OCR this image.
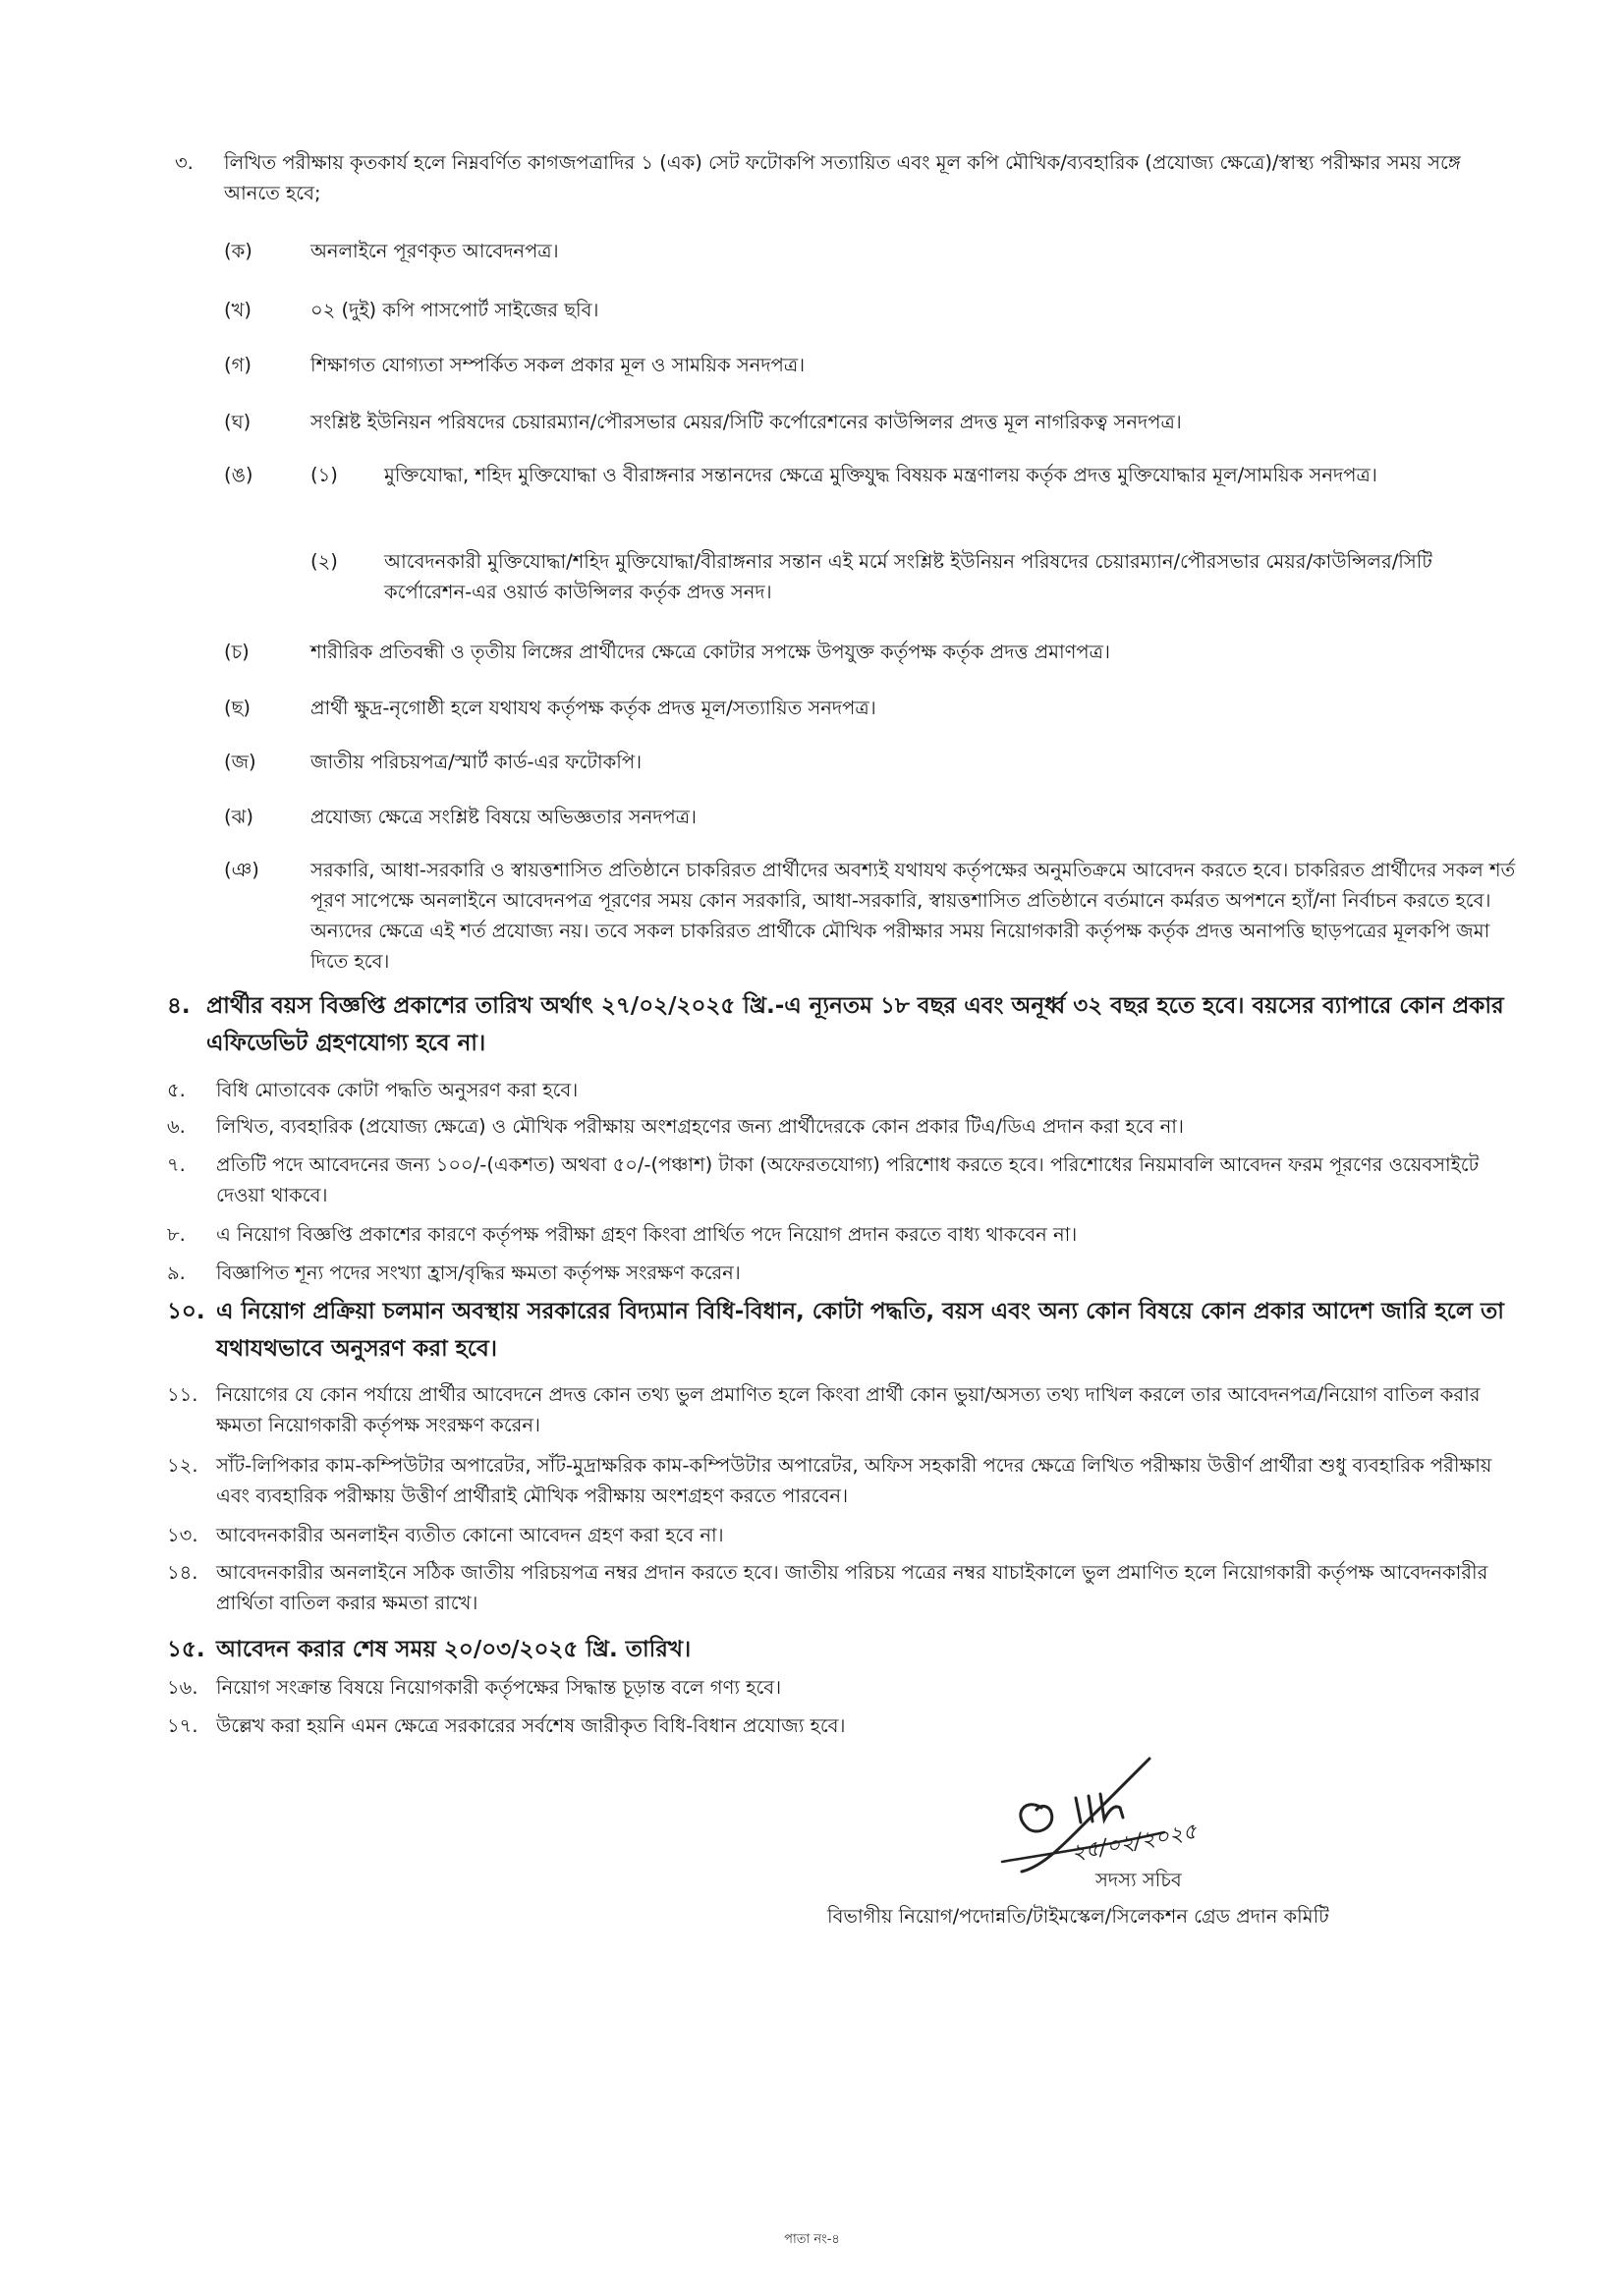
৩. লিখিত পরীক্ষায় কৃতকার্য হলে নিম্নবর্ণিত কাগজপত্রাদির ১ (এক) সেট ফটোকপি সত্যায়িত এবং মূল কপি মৌখিক/ব্যবহারিক (প্রযোজ্য ক্ষেত্রে)/স্বাস্থ্য পরীক্ষার সময় সঙ্গে আনতে হবে;
(ক)	অনলাইনে পূরণকৃত আবেদনপত্র।
(খ)	০২ (দুই) কপি পাসপোর্ট সাইজের ছবি।
(গ)	শিক্ষাগত যোগ্যতা সম্পর্কিত সকল প্রকার মূল ও সাময়িক সনদপত্র।
(ঘ)	সংশ্লিষ্ট ইউনিয়ন পরিষদের চেয়ারম্যান/পৌরসভার মেয়র/সিটি কর্পোরেশনের কাউন্সিলর প্রদত্ত মূল নাগরিকত্ব সনদপত্র।
(ঙ)	(১) মুক্তিযোদ্ধা, শহিদ মুক্তিযোদ্ধা ও বীরাঙ্গনার সন্তানদের ক্ষেত্রে মুক্তিযুদ্ধ বিষয়ক মন্ত্রণালয় কর্তৃক প্রদত্ত মুক্তিযোদ্ধার মূল/সাময়িক সনদপত্র।
(২) আবেদনকারী মুক্তিযোদ্ধা/শহিদ মুক্তিযোদ্ধা/বীরাঙ্গনার সন্তান এই মর্মে সংশ্লিষ্ট ইউনিয়ন পরিষদের চেয়ারম্যান/পৌরসভার মেয়র/কাউন্সিলর/সিটি কর্পোরেশন-এর ওয়ার্ড কাউন্সিলর কর্তৃক প্রদত্ত সনদ।
(চ)	শারীরিক প্রতিবন্ধী ও তৃতীয় লিঙ্গের প্রার্থীদের ক্ষেত্রে কোটার সপক্ষে উপযুক্ত কর্তৃপক্ষ কর্তৃক প্রদত্ত প্রমাণপত্র।
(ছ)	প্রার্থী ক্ষুদ্র-নৃগোষ্ঠী হলে যথাযথ কর্তৃপক্ষ কর্তৃক প্রদত্ত মূল/সত্যায়িত সনদপত্র।
(জ)	জাতীয় পরিচয়পত্র/স্মার্ট কার্ড-এর ফটোকপি।
(ঝ)	প্রযোজ্য ক্ষেত্রে সংশ্লিষ্ট বিষয়ে অভিজ্ঞতার সনদপত্র।
(ঞ)	সরকারি, আধা-সরকারি ও স্বায়ত্তশাসিত প্রতিষ্ঠানে চাকরিরত প্রার্থীদের অবশ্যই যথাযথ কর্তৃপক্ষের অনুমতিক্রমে আবেদন করতে হবে। চাকরিরত প্রার্থীদের সকল শর্ত পূরণ সাপেক্ষে অনলাইনে আবেদনপত্র পূরণের সময় কোন সরকারি, আধা-সরকারি, স্বায়ত্তশাসিত প্রতিষ্ঠানে বর্তমানে কর্মরত অপশনে হ্যাঁ/না নির্বাচন করতে হবে। অন্যদের ক্ষেত্রে এই শর্ত প্রযোজ্য নয়। তবে সকল চাকরিরত প্রার্থীকে মৌখিক পরীক্ষার সময় নিয়োগকারী কর্তৃপক্ষ কর্তৃক প্রদত্ত অনাপত্তি ছাড়পত্রের মূলকপি জমা দিতে হবে।
৪. প্রার্থীর বয়স বিজ্ঞপ্তি প্রকাশের তারিখ অর্থাৎ ২৭/০২/২০২৫ খ্রি.-এ ন্যূনতম ১৮ বছর এবং অনূর্ধ্ব ৩২ বছর হতে হবে। বয়সের ব্যাপারে কোন প্রকার এফিডেভিট গ্রহণযোগ্য হবে না।
৫. বিধি মোতাবেক কোটা পদ্ধতি অনুসরণ করা হবে।
৬. লিখিত, ব্যবহারিক (প্রযোজ্য ক্ষেত্রে) ও মৌখিক পরীক্ষায় অংশগ্রহণের জন্য প্রার্থীদেরকে কোন প্রকার টিএ/ডিএ প্রদান করা হবে না।
৭. প্রতিটি পদে আবেদনের জন্য ১০০/-(একশত) অথবা ৫০/-(পঞ্চাশ) টাকা (অফেরতযোগ্য) পরিশোধ করতে হবে। পরিশোধের নিয়মাবলি আবেদন ফরম পূরণের ওয়েবসাইটে দেওয়া থাকবে।
৮. এ নিয়োগ বিজ্ঞপ্তি প্রকাশের কারণে কর্তৃপক্ষ পরীক্ষা গ্রহণ কিংবা প্রার্থিত পদে নিয়োগ প্রদান করতে বাধ্য থাকবেন না।
৯. বিজ্ঞাপিত শূন্য পদের সংখ্যা হ্রাস/বৃদ্ধির ক্ষমতা কর্তৃপক্ষ সংরক্ষণ করেন।
১০. এ নিয়োগ প্রক্রিয়া চলমান অবস্থায় সরকারের বিদ্যমান বিধি-বিধান, কোটা পদ্ধতি, বয়স এবং অন্য কোন বিষয়ে কোন প্রকার আদেশ জারি হলে তা যথাযথভাবে অনুসরণ করা হবে।
১১. নিয়োগের যে কোন পর্যায়ে প্রার্থীর আবেদনে প্রদত্ত কোন তথ্য ভুল প্রমাণিত হলে কিংবা প্রার্থী কোন ভুয়া/অসত্য তথ্য দাখিল করলে তার আবেদনপত্র/নিয়োগ বাতিল করার ক্ষমতা নিয়োগকারী কর্তৃপক্ষ সংরক্ষণ করেন।
১২. সাঁট-লিপিকার কাম-কম্পিউটার অপারেটর, সাঁট-মুদ্রাক্ষরিক কাম-কম্পিউটার অপারেটর, অফিস সহকারী পদের ক্ষেত্রে লিখিত পরীক্ষায় উত্তীর্ণ প্রার্থীরা শুধু ব্যবহারিক পরীক্ষায় এবং ব্যবহারিক পরীক্ষায় উত্তীর্ণ প্রার্থীরাই মৌখিক পরীক্ষায় অংশগ্রহণ করতে পারবেন।
১৩. আবেদনকারীর অনলাইন ব্যতীত কোনো আবেদন গ্রহণ করা হবে না।
১৪. আবেদনকারীর অনলাইনে সঠিক জাতীয় পরিচয়পত্র নম্বর প্রদান করতে হবে। জাতীয় পরিচয় পত্রের নম্বর যাচাইকালে ভুল প্রমাণিত হলে নিয়োগকারী কর্তৃপক্ষ আবেদনকারীর প্রার্থিতা বাতিল করার ক্ষমতা রাখে।
১৫. আবেদন করার শেষ সময় ২০/০৩/২০২৫ খ্রি. তারিখ।
১৬. নিয়োগ সংক্রান্ত বিষয়ে নিয়োগকারী কর্তৃপক্ষের সিদ্ধান্ত চূড়ান্ত বলে গণ্য হবে।
১৭. উল্লেখ করা হয়নি এমন ক্ষেত্রে সরকারের সর্বশেষ জারীকৃত বিধি-বিধান প্রযোজ্য হবে।
২৫/০২/২০২৫
সদস্য সচিব
বিভাগীয় নিয়োগ/পদোন্নতি/টাইমস্কেল/সিলেকশন গ্রেড প্রদান কমিটি
পাতা নং-৪
